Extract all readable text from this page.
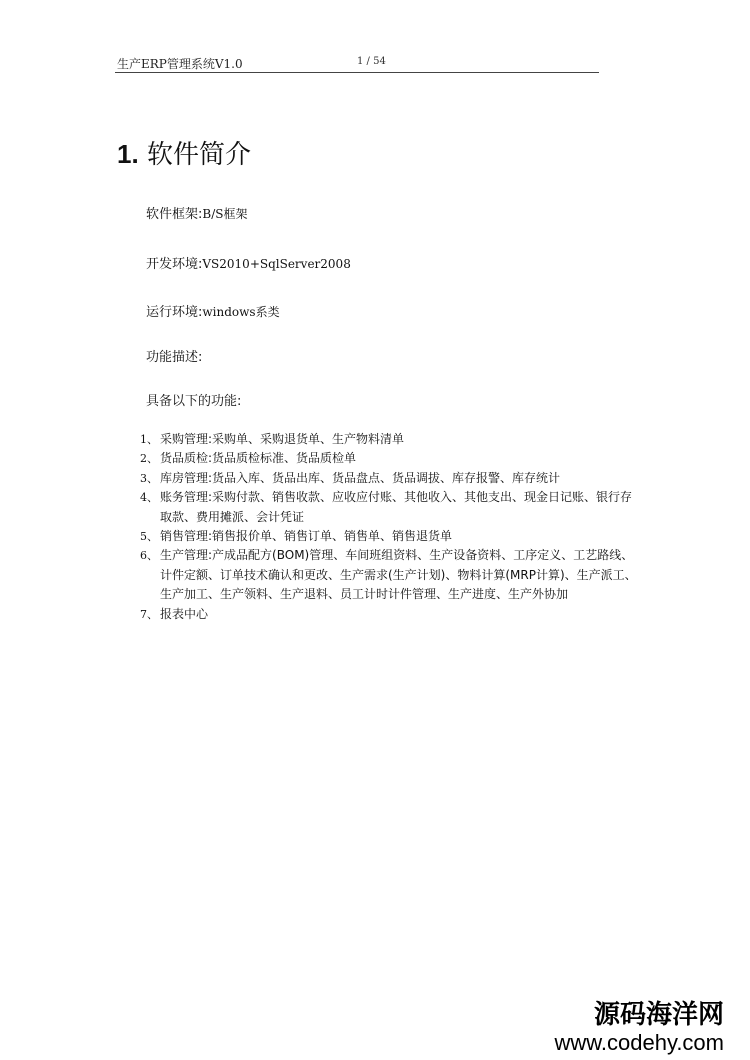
生产ERP管理系统V1.0	1 / 54
1. 软件简介
软件框架:B/S框架
开发环境:VS2010+SqlServer2008
运行环境:windows系类
功能描述:
具备以下的功能:
1、 采购管理:采购单、采购退货单、生产物料清单
2、 货品质检:货品质检标准、货品质检单
3、 库房管理:货品入库、货品出库、货品盘点、货品调拔、库存报警、库存统计
4、 账务管理:采购付款、销售收款、应收应付账、其他收入、其他支出、现金日记账、银行存取款、费用摊派、会计凭证
5、 销售管理:销售报价单、销售订单、销售单、销售退货单
6、 生产管理:产成品配方(BOM)管理、车间班组资料、生产设备资料、工序定义、工艺路线、计件定额、订单技术确认和更改、生产需求(生产计划)、物料计算(MRP计算)、生产派工、生产加工、生产领料、生产退料、员工计时计件管理、生产进度、生产外协加
7、 报表中心
源码海洋网
www.codehy.com
